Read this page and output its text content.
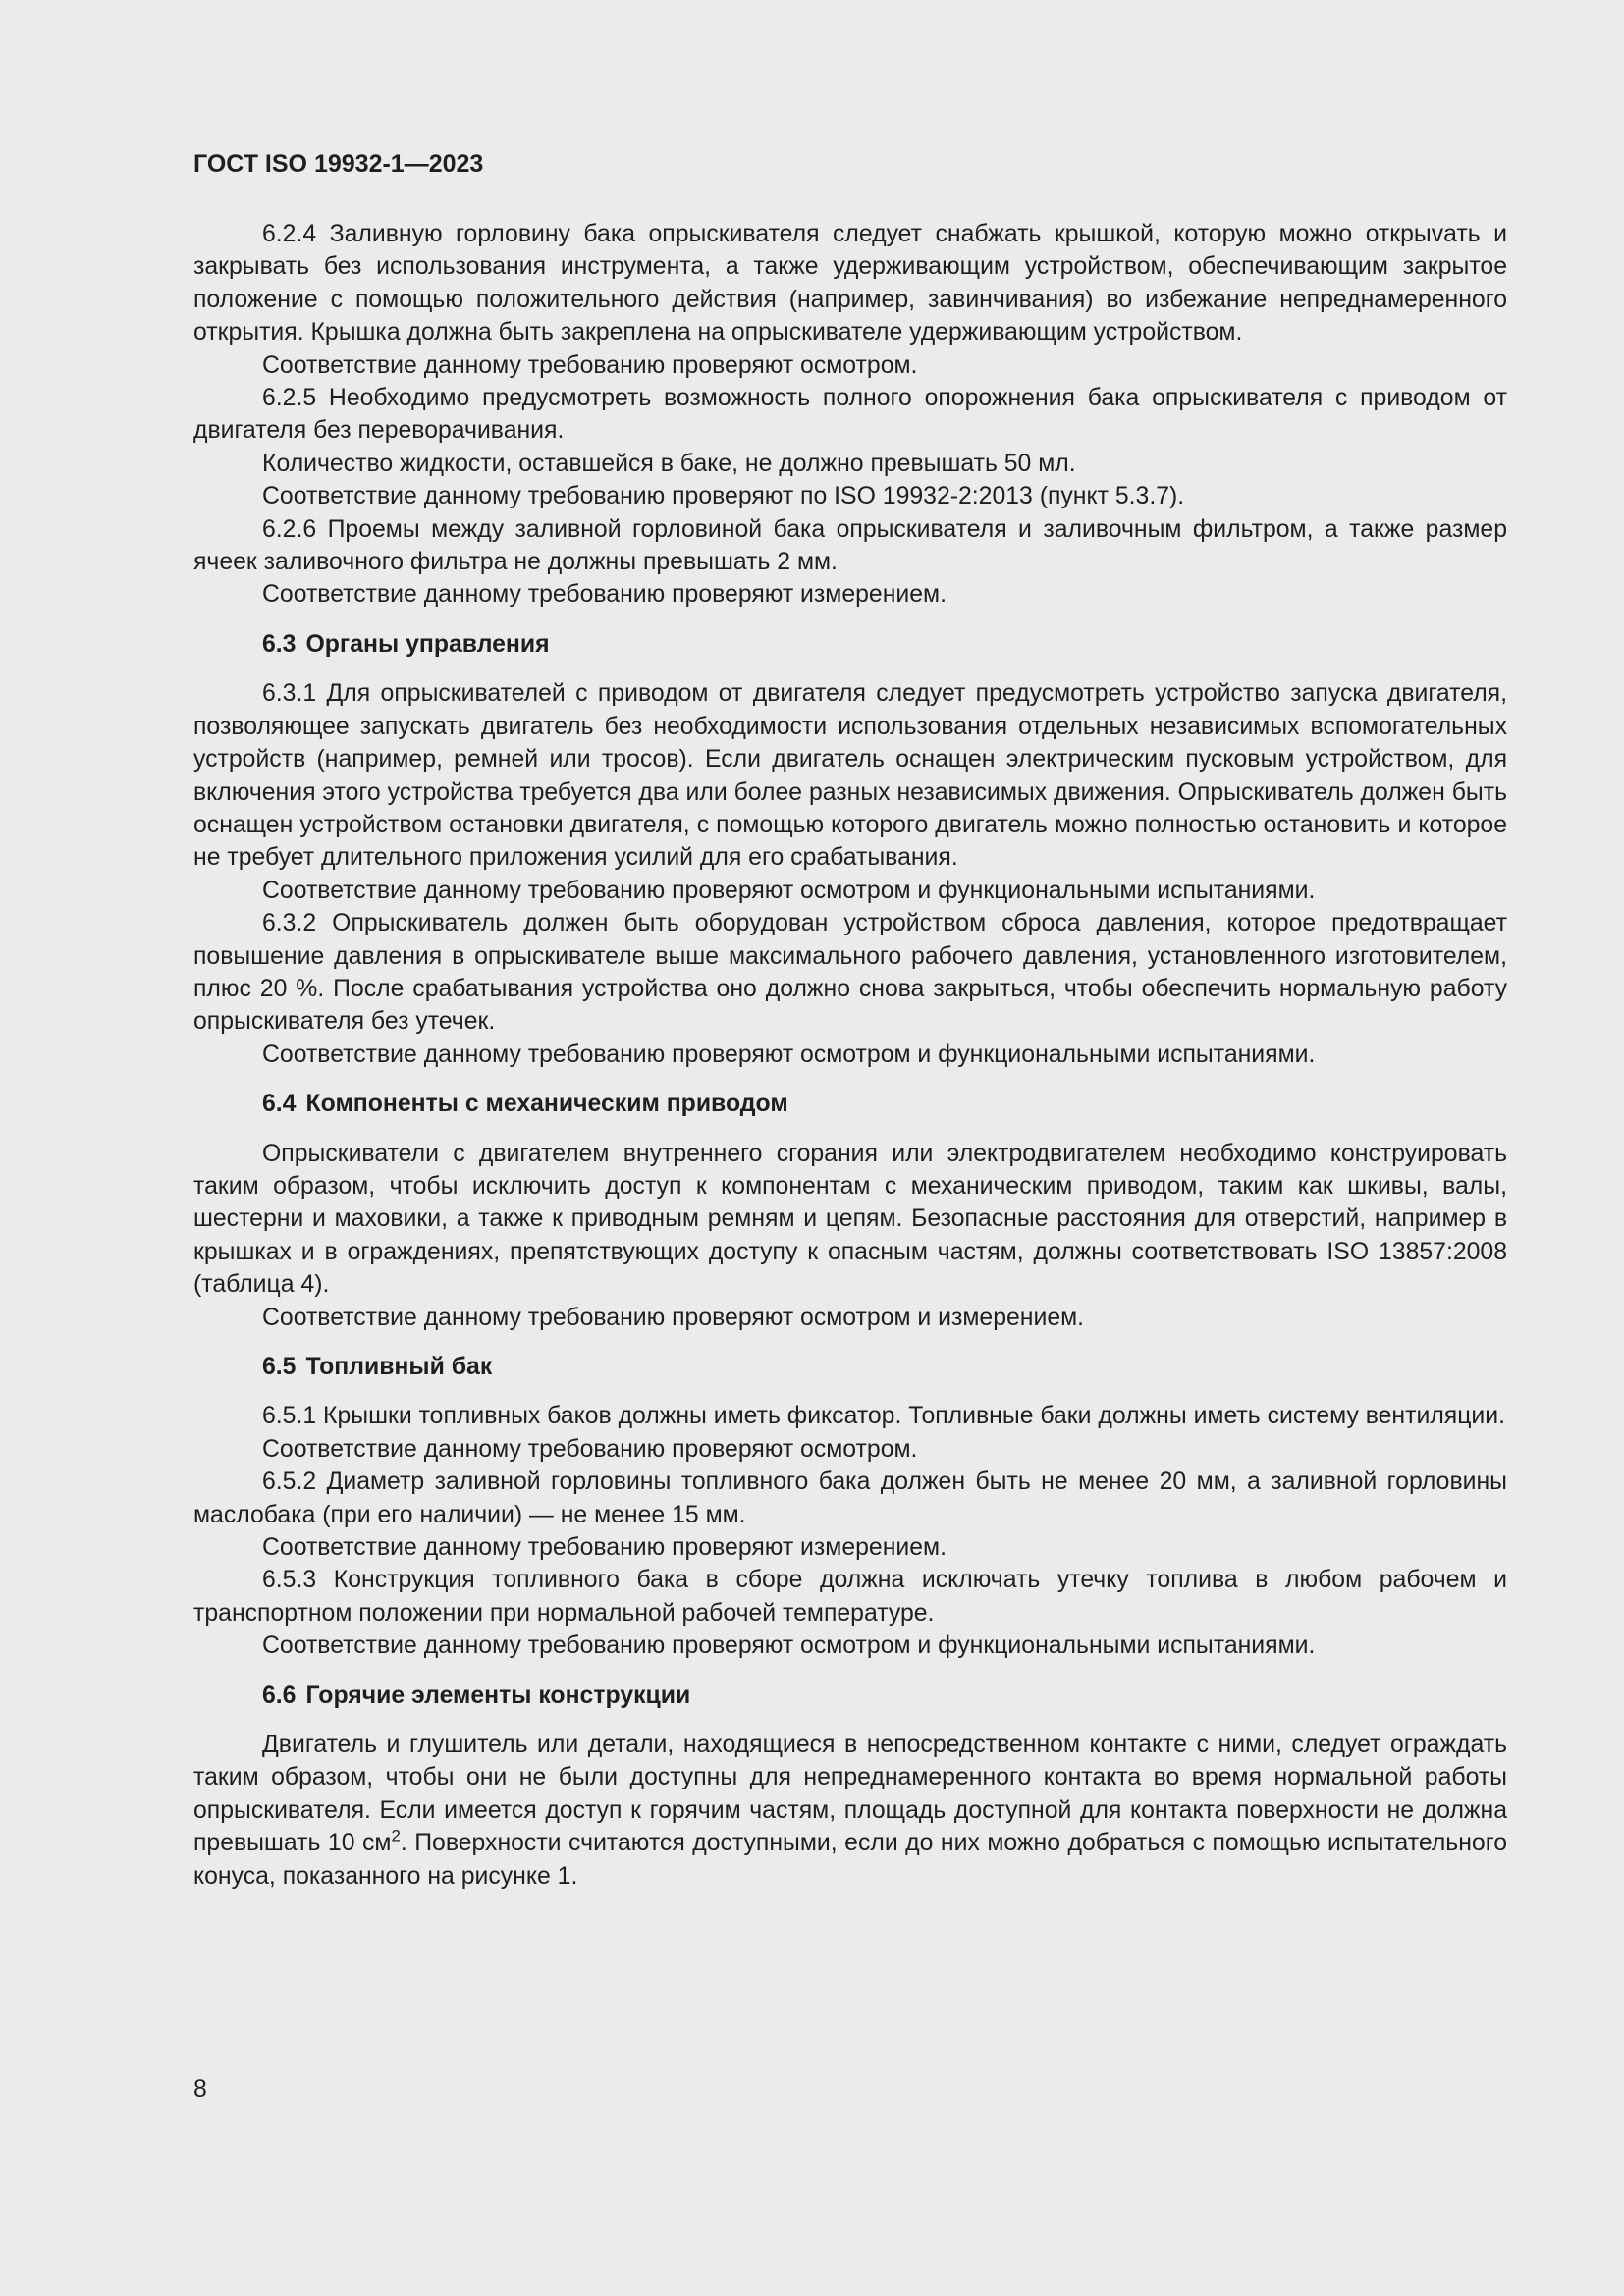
ГОСТ ISO 19932-1—2023

6.2.4 Заливную горловину бака опрыскивателя следует снабжать крышкой, которую можно открыvать и закрывать без использования инструмента, а также удерживающим устройством, обеспечивающим закрытое положение с помощью положительного действия (например, завинчивания) во избежание непреднамеренного открытия. Крышка должна быть закреплена на опрыскивателе удерживающим устройством.

Соответствие данному требованию проверяют осмотром.

6.2.5 Необходимо предусмотреть возможность полного опорожнения бака опрыскивателя с приводом от двигателя без переворачивания.

Количество жидкости, оставшейся в баке, не должно превышать 50 мл.

Соответствие данному требованию проверяют по ISO 19932-2:2013 (пункт 5.3.7).

6.2.6 Проемы между заливной горловиной бака опрыскивателя и заливочным фильтром, а также размер ячеек заливочного фильтра не должны превышать 2 мм.

Соответствие данному требованию проверяют измерением.

6.3 Органы управления

6.3.1 Для опрыскивателей с приводом от двигателя следует предусмотреть устройство запуска двигателя, позволяющее запускать двигатель без необходимости использования отдельных независимых вспомогательных устройств (например, ремней или тросов). Если двигатель оснащен электрическим пусковым устройством, для включения этого устройства требуется два или более разных независимых движения. Опрыскиватель должен быть оснащен устройством остановки двигателя, с помощью которого двигатель можно полностью остановить и которое не требует длительного приложения усилий для его срабатывания.

Соответствие данному требованию проверяют осмотром и функциональными испытаниями.

6.3.2 Опрыскиватель должен быть оборудован устройством сброса давления, которое предотвращает повышение давления в опрыскивателе выше максимального рабочего давления, установленного изготовителем, плюс 20 %. После срабатывания устройства оно должно снова закрыться, чтобы обеспечить нормальную работу опрыскивателя без утечек.

Соответствие данному требованию проверяют осмотром и функциональными испытаниями.

6.4 Компоненты с механическим приводом

Опрыскиватели с двигателем внутреннего сгорания или электродвигателем необходимо конструировать таким образом, чтобы исключить доступ к компонентам с механическим приводом, таким как шкивы, валы, шестерни и маховики, а также к приводным ремням и цепям. Безопасные расстояния для отверстий, например в крышках и в ограждениях, препятствующих доступу к опасным частям, должны соответствовать ISO 13857:2008 (таблица 4).

Соответствие данному требованию проверяют осмотром и измерением.

6.5 Топливный бак

6.5.1 Крышки топливных баков должны иметь фиксатор. Топливные баки должны иметь систему вентиляции.

Соответствие данному требованию проверяют осмотром.

6.5.2 Диаметр заливной горловины топливного бака должен быть не менее 20 мм, а заливной горловины маслобака (при его наличии) — не менее 15 мм.

Соответствие данному требованию проверяют измерением.

6.5.3 Конструкция топливного бака в сборе должна исключать утечку топлива в любом рабочем и транспортном положении при нормальной рабочей температуре.

Соответствие данному требованию проверяют осмотром и функциональными испытаниями.

6.6 Горячие элементы конструкции

Двигатель и глушитель или детали, находящиеся в непосредственном контакте с ними, следует ограждать таким образом, чтобы они не были доступны для непреднамеренного контакта во время нормальной работы опрыскивателя. Если имеется доступ к горячим частям, площадь доступной для контакта поверхности не должна превышать 10 $см^2$. Поверхности считаются доступными, если до них можно добраться с помощью испытательного конуса, показанного на рисунке 1.

8
